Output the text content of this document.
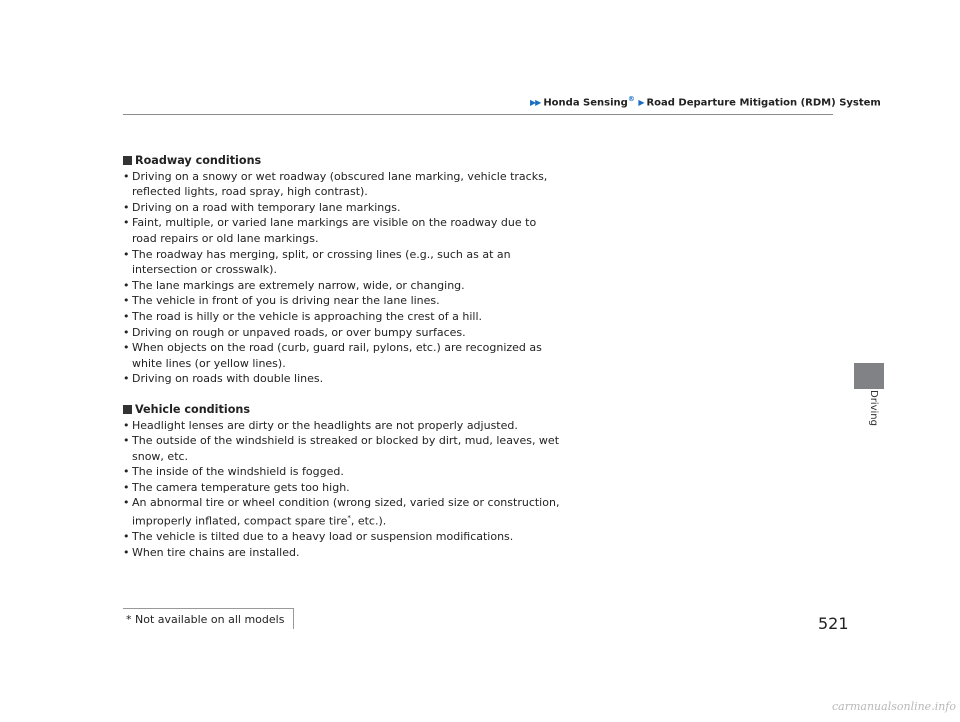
▶▶ Honda Sensing® ▶ Road Departure Mitigation (RDM) System
Driving
Roadway conditions
• Driving on a snowy or wet roadway (obscured lane marking, vehicle tracks, reflected lights, road spray, high contrast).
• Driving on a road with temporary lane markings.
• Faint, multiple, or varied lane markings are visible on the roadway due to road repairs or old lane markings.
• The roadway has merging, split, or crossing lines (e.g., such as at an intersection or crosswalk).
• The lane markings are extremely narrow, wide, or changing.
• The vehicle in front of you is driving near the lane lines.
• The road is hilly or the vehicle is approaching the crest of a hill.
• Driving on rough or unpaved roads, or over bumpy surfaces.
• When objects on the road (curb, guard rail, pylons, etc.) are recognized as white lines (or yellow lines).
• Driving on roads with double lines.
Vehicle conditions
• Headlight lenses are dirty or the headlights are not properly adjusted.
• The outside of the windshield is streaked or blocked by dirt, mud, leaves, wet snow, etc.
• The inside of the windshield is fogged.
• The camera temperature gets too high.
• An abnormal tire or wheel condition (wrong sized, varied size or construction, improperly inflated, compact spare tire*, etc.).
• The vehicle is tilted due to a heavy load or suspension modifications.
• When tire chains are installed.
* Not available on all models	521
carmanualsonline.info
